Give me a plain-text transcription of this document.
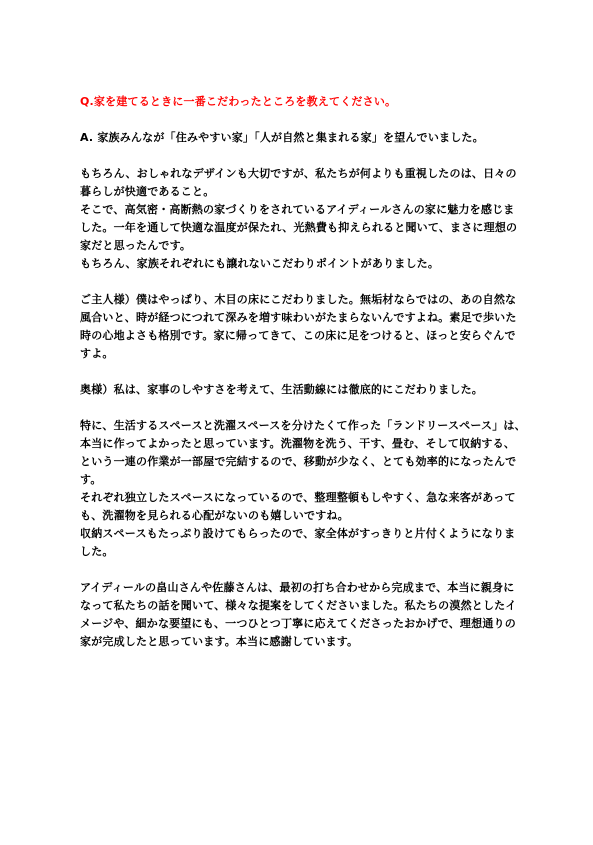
Q.家を建てるときに一番こだわったところを教えてください。
A. 家族みんなが「住みやすい家」「人が自然と集まれる家」を望んでいました。
もちろん、おしゃれなデザインも大切ですが、私たちが何よりも重視したのは、日々の
暮らしが快適であること。
そこで、高気密・高断熱の家づくりをされているアイディールさんの家に魅力を感じま
した。一年を通して快適な温度が保たれ、光熱費も抑えられると聞いて、まさに理想の
家だと思ったんです。
もちろん、家族それぞれにも譲れないこだわりポイントがありました。
ご主人様）僕はやっぱり、木目の床にこだわりました。無垢材ならではの、あの自然な
風合いと、時が経つにつれて深みを増す味わいがたまらないんですよね。素足で歩いた
時の心地よさも格別です。家に帰ってきて、この床に足をつけると、ほっと安らぐんで
すよ。
奥様）私は、家事のしやすさを考えて、生活動線には徹底的にこだわりました。
特に、生活するスペースと洗濯スペースを分けたくて作った「ランドリースペース」は、
本当に作ってよかったと思っています。洗濯物を洗う、干す、畳む、そして収納する、
という一連の作業が一部屋で完結するので、移動が少なく、とても効率的になったんで
す。
それぞれ独立したスペースになっているので、整理整頓もしやすく、急な来客があって
も、洗濯物を見られる心配がないのも嬉しいですね。
収納スペースもたっぷり設けてもらったので、家全体がすっきりと片付くようになりま
した。
アイディールの畠山さんや佐藤さんは、最初の打ち合わせから完成まで、本当に親身に
なって私たちの話を聞いて、様々な提案をしてくださいました。私たちの漠然としたイ
メージや、細かな要望にも、一つひとつ丁寧に応えてくださったおかげで、理想通りの
家が完成したと思っています。本当に感謝しています。
